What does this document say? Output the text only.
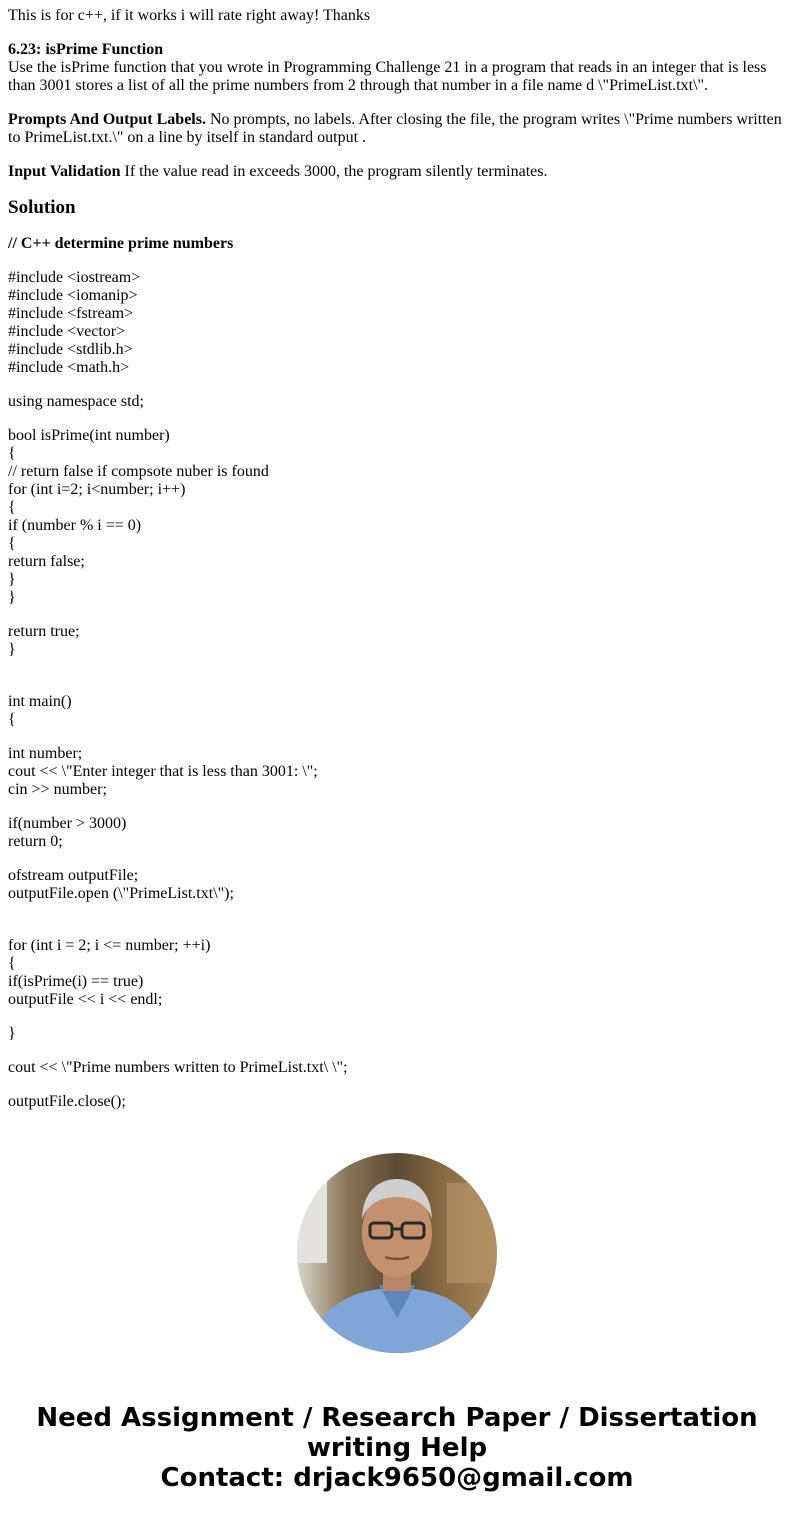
This is for c++, if it works i will rate right away! Thanks

6.23: isPrime Function
Use the isPrime function that you wrote in Programming Challenge 21 in a program that reads in an integer that is less than 3001 stores a list of all the prime numbers from 2 through that number in a file name d \"PrimeList.txt\".

Prompts And Output Labels. No prompts, no labels. After closing the file, the program writes \"Prime numbers written to PrimeList.txt.\" on a line by itself in standard output .

Input Validation If the value read in exceeds 3000, the program silently terminates.

Solution

// C++ determine prime numbers

#include <iostream>
#include <iomanip>
#include <fstream>
#include <vector>
#include <stdlib.h>
#include <math.h>
using namespace std;
bool isPrime(int number)
{
// return false if compsote nuber is found
for (int i=2; i<number; i++)
{
if (number % i == 0)
{
return false;
}
}
return true;
}
int main()
{
int number;
cout << \"Enter integer that is less than 3001: \";
cin >> number;
if(number > 3000)
return 0;
ofstream outputFile;
outputFile.open (\"PrimeList.txt\");
for (int i = 2; i <= number; ++i)
{
if(isPrime(i) == true)
outputFile << i << endl;
}
cout << \"Prime numbers written to PrimeList.txt\ \";
outputFile.close();
Need Assignment / Research Paper / Dissertation
writing Help
Contact: drjack9650@gmail.com
